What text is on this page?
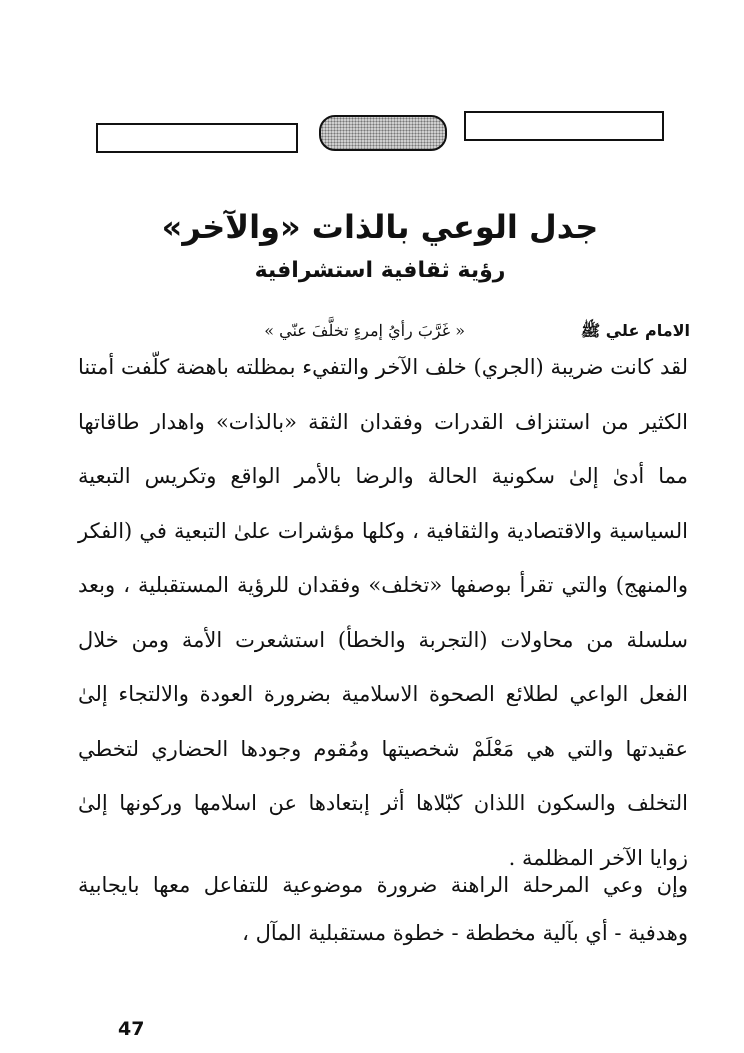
جدل الوعي بالذات «والآخر»
رؤية ثقافية استشرافية
الامام علي ﷺ
« غَرَّبَ رأيُ إمرءٍ تخلَّفَ عنّي »

لقد كانت ضريبة (الجري) خلف الآخر والتفيء بمظلته باهضة كلّفت أمتنا الكثير من استنزاف القدرات وفقدان الثقة «بالذات» واهدار طاقاتها مما أدىٰ إلىٰ سكونية الحالة والرضا بالأمر الواقع وتكريس التبعية السياسية والاقتصادية والثقافية ، وكلها مؤشرات علىٰ التبعية في (الفكر والمنهج) والتي تقرأ بوصفها «تخلف» وفقدان للرؤية المستقبلية ، وبعد سلسلة من محاولات (التجربة والخطأ) استشعرت الأمة ومن خلال الفعل الواعي لطلائع الصحوة الاسلامية بضرورة العودة والالتجاء إلىٰ عقيدتها والتي هي مَعْلَمْ شخصيتها ومُقوم وجودها الحضاري لتخطي التخلف والسكون اللذان كبّلاها أثر إبتعادها عن اسلامها وركونها إلىٰ زوايا الآخر المظلمة .

وإن وعي المرحلة الراهنة ضرورة موضوعية للتفاعل معها بايجابية وهدفية - أي بآلية مخططة - خطوة مستقبلية المآل ،

47
